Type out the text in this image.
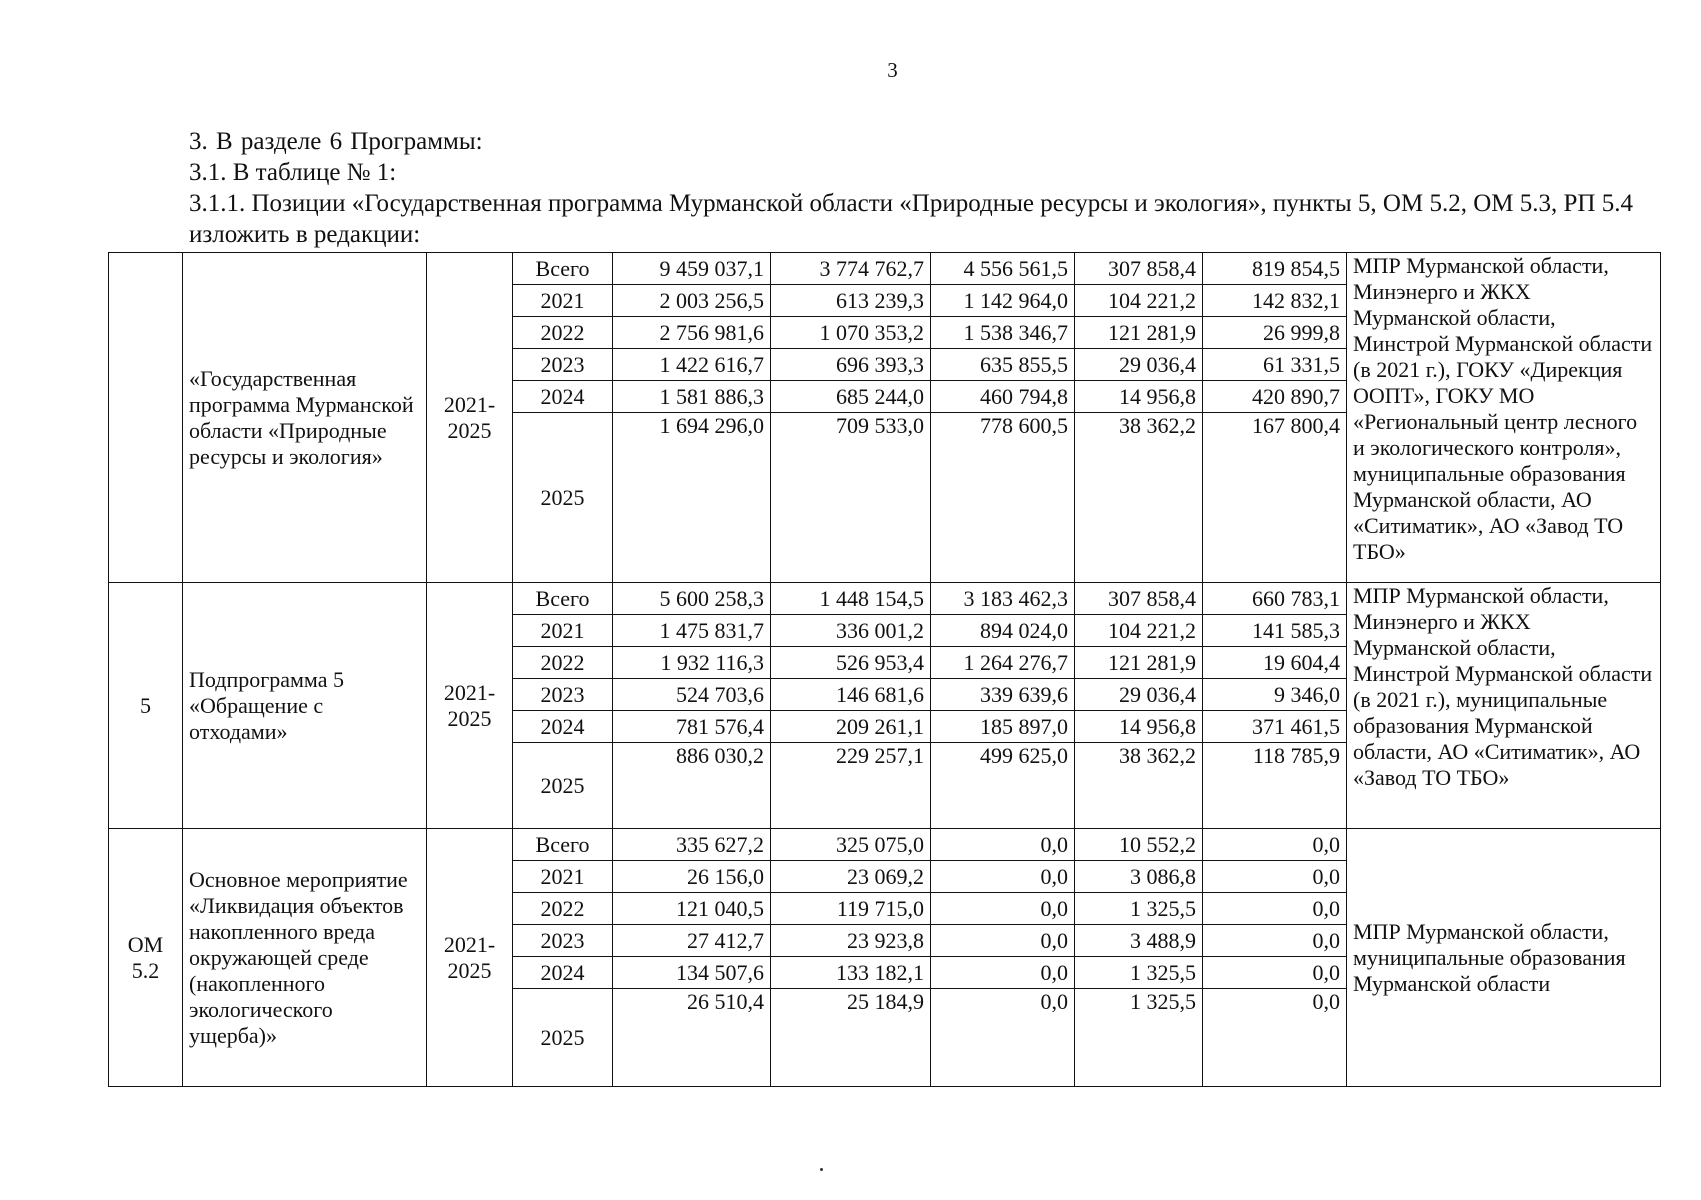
3

3. В разделе 6 Программы:

3.1. В таблице № 1:

3.1.1. Позиции «Государственная программа Мурманской области «Природные ресурсы и экология», пункты 5, ОМ 5.2, ОМ 5.3, РП 5.4 изложить в редакции:

	«Государственная программа Мурманской области «Природные ресурсы и экология»	2021-2025	Всего	9 459 037,1	3 774 762,7	4 556 561,5	307 858,4	819 854,5	МПР Мурманской области, Минэнерго и ЖКХ Мурманской области, Минстрой Мурманской области (в 2021 г.), ГОКУ «Дирекция ООПТ», ГОКУ МО «Региональный центр лесного и экологического контроля», муниципальные образования Мурманской области, АО «Ситиматик», АО «Завод ТО ТБО»
			2021	2 003 256,5	613 239,3	1 142 964,0	104 221,2	142 832,1	
			2022	2 756 981,6	1 070 353,2	1 538 346,7	121 281,9	26 999,8	
			2023	1 422 616,7	696 393,3	635 855,5	29 036,4	61 331,5	
			2024	1 581 886,3	685 244,0	460 794,8	14 956,8	420 890,7	
			2025	1 694 296,0	709 533,0	778 600,5	38 362,2	167 800,4	
5	Подпрограмма 5 «Обращение с отходами»	2021-2025	Всего	5 600 258,3	1 448 154,5	3 183 462,3	307 858,4	660 783,1	МПР Мурманской области, Минэнерго и ЖКХ Мурманской области, Минстрой Мурманской области (в 2021 г.), муниципальные образования Мурманской области, АО «Ситиматик», АО «Завод ТО ТБО»
			2021	1 475 831,7	336 001,2	894 024,0	104 221,2	141 585,3	
			2022	1 932 116,3	526 953,4	1 264 276,7	121 281,9	19 604,4	
			2023	524 703,6	146 681,6	339 639,6	29 036,4	9 346,0	
			2024	781 576,4	209 261,1	185 897,0	14 956,8	371 461,5	
			2025	886 030,2	229 257,1	499 625,0	38 362,2	118 785,9	
ОМ 5.2	Основное мероприятие «Ликвидация объектов накопленного вреда окружающей среде (накопленного экологического ущерба)»	2021-2025	Всего	335 627,2	325 075,0	0,0	10 552,2	0,0	МПР Мурманской области, муниципальные образования Мурманской области
			2021	26 156,0	23 069,2	0,0	3 086,8	0,0	
			2022	121 040,5	119 715,0	0,0	1 325,5	0,0	
			2023	27 412,7	23 923,8	0,0	3 488,9	0,0	
			2024	134 507,6	133 182,1	0,0	1 325,5	0,0	
			2025	26 510,4	25 184,9	0,0	1 325,5	0,0	
